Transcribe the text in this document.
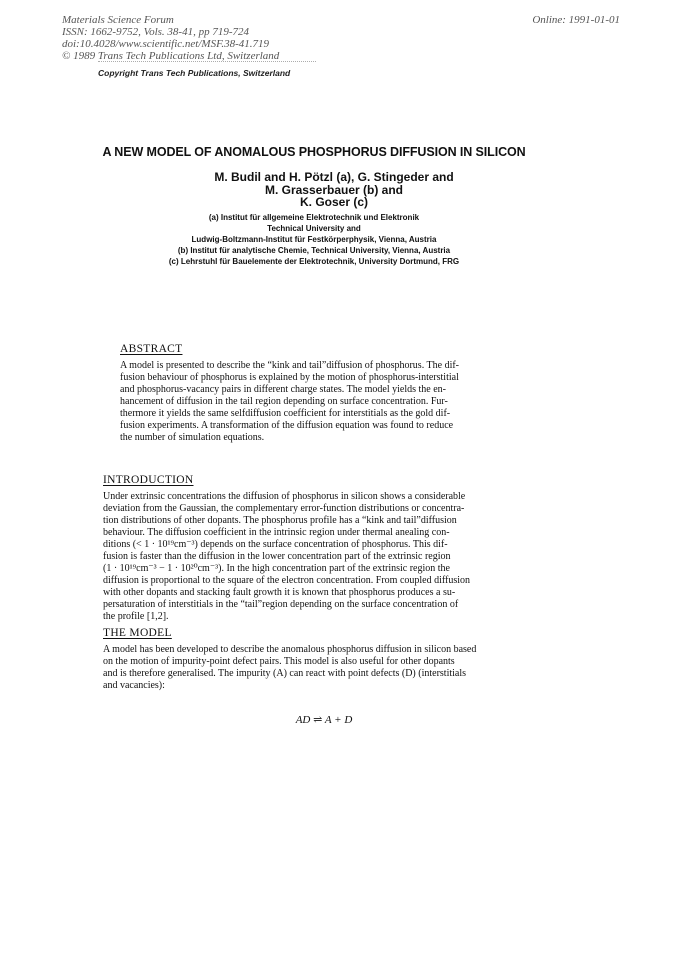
Materials Science Forum
ISSN: 1662-9752, Vols. 38-41, pp 719-724
doi:10.4028/www.scientific.net/MSF.38-41.719
© 1989 Trans Tech Publications Ltd, Switzerland
Online: 1991-01-01
Copyright Trans Tech Publications, Switzerland
A NEW MODEL OF ANOMALOUS PHOSPHORUS DIFFUSION IN SILICON
M. Budil and H. Pötzl (a), G. Stingeder and
M. Grasserbauer (b) and
K. Goser (c)
(a) Institut für allgemeine Elektrotechnik und Elektronik
Technical University and
Ludwig-Boltzmann-Institut für Festkörperphysik, Vienna, Austria
(b) Institut für analytische Chemie, Technical University, Vienna, Austria
(c) Lehrstuhl für Bauelemente der Elektrotechnik, University Dortmund, FRG
ABSTRACT
A model is presented to describe the “kink and tail”diffusion of phosphorus. The dif-
fusion behaviour of phosphorus is explained by the motion of phosphorus-interstitial
and phosphorus-vacancy pairs in different charge states. The model yields the en-
hancement of diffusion in the tail region depending on surface concentration. Fur-
thermore it yields the same selfdiffusion coefficient for interstitials as the gold dif-
fusion experiments. A transformation of the diffusion equation was found to reduce
the number of simulation equations.
INTRODUCTION
Under extrinsic concentrations the diffusion of phosphorus in silicon shows a considerable
deviation from the Gaussian, the complementary error-function distributions or concentra-
tion distributions of other dopants. The phosphorus profile has a “kink and tail”diffusion
behaviour. The diffusion coefficient in the intrinsic region under thermal anealing con-
ditions (< 1 · 10¹⁹cm⁻³) depends on the surface concentration of phosphorus. This dif-
fusion is faster than the diffusion in the lower concentration part of the extrinsic region
(1 · 10¹⁹cm⁻³ − 1 · 10²⁰cm⁻³). In the high concentration part of the extrinsic region the
diffusion is proportional to the square of the electron concentration. From coupled diffusion
with other dopants and stacking fault growth it is known that phosphorus produces a su-
persaturation of interstitials in the “tail”region depending on the surface concentration of
the profile [1,2].
THE MODEL
A model has been developed to describe the anomalous phosphorus diffusion in silicon based
on the motion of impurity-point defect pairs. This model is also useful for other dopants
and is therefore generalised. The impurity (A) can react with point defects (D) (interstitials
and vacancies):
AD ⇌ A + D
